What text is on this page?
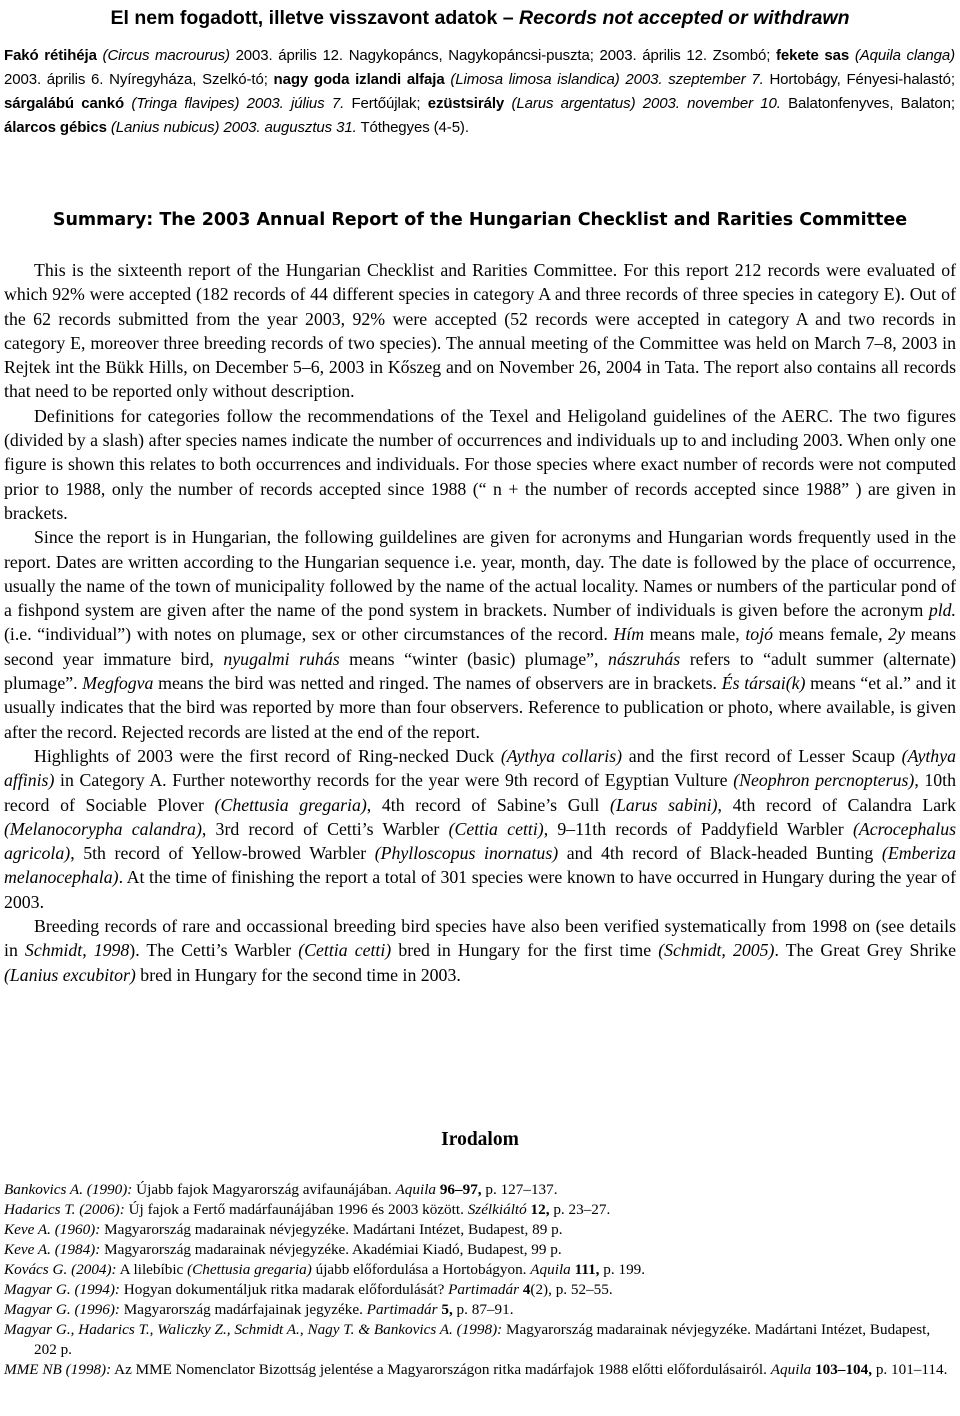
El nem fogadott, illetve visszavont adatok – Records not accepted or withdrawn
Fakó rétihéja (Circus macrourus) 2003. április 12. Nagykopáncs, Nagykopáncsi-puszta; 2003. április 12. Zsombó; fekete sas (Aquila clanga) 2003. április 6. Nyíregyháza, Szelkó-tó; nagy goda izlandi alfaja (Limosa limosa islandica) 2003. szeptember 7. Hortobágy, Fényesi-halastó; sárgalábú cankó (Tringa flavipes) 2003. július 7. Fertőújlak; ezüstsirály (Larus argentatus) 2003. november 10. Balatonfenyves, Balaton; álarcos gébics (Lanius nubicus) 2003. augusztus 31. Tóthegyes (4-5).
Summary: The 2003 Annual Report of the Hungarian Checklist and Rarities Committee

This is the sixteenth report of the Hungarian Checklist and Rarities Committee. For this report 212 records were evaluated of which 92% were accepted (182 records of 44 different species in category A and three records of three species in category E). Out of the 62 records submitted from the year 2003, 92% were accepted (52 records were accepted in category A and two records in category E, moreover three breeding records of two species). The annual meeting of the Committee was held on March 7–8, 2003 in Rejtek int the Bükk Hills, on December 5–6, 2003 in Kőszeg and on November 26, 2004 in Tata. The report also contains all records that need to be reported only without description.

Definitions for categories follow the recommendations of the Texel and Heligoland guidelines of the AERC. The two figures (divided by a slash) after species names indicate the number of occurrences and individuals up to and including 2003. When only one figure is shown this relates to both occurrences and individuals. For those species where exact number of records were not computed prior to 1988, only the number of records accepted since 1988 (“ n + the number of records accepted since 1988” ) are given in brackets.

Since the report is in Hungarian, the following guildelines are given for acronyms and Hungarian words frequently used in the report. Dates are written according to the Hungarian sequence i.e. year, month, day. The date is followed by the place of occurrence, usually the name of the town of municipality followed by the name of the actual locality. Names or numbers of the particular pond of a fishpond system are given after the name of the pond system in brackets. Number of individuals is given before the acronym pld. (i.e. “individual”) with notes on plumage, sex or other circumstances of the record. Hím means male, tojó means female, 2y means second year immature bird, nyugalmi ruhás means “winter (basic) plumage”, nászruhás refers to “adult summer (alternate) plumage”. Megfogva means the bird was netted and ringed. The names of observers are in brackets. És társai(k) means “et al.” and it usually indicates that the bird was reported by more than four observers. Reference to publication or photo, where available, is given after the record. Rejected records are listed at the end of the report.

Highlights of 2003 were the first record of Ring-necked Duck (Aythya collaris) and the first record of Lesser Scaup (Aythya affinis) in Category A. Further noteworthy records for the year were 9th record of Egyptian Vulture (Neophron percnopterus), 10th record of Sociable Plover (Chettusia gregaria), 4th record of Sabine’s Gull (Larus sabini), 4th record of Calandra Lark (Melanocorypha calandra), 3rd record of Cetti’s Warbler (Cettia cetti), 9–11th records of Paddyfield Warbler (Acrocephalus agricola), 5th record of Yellow-browed Warbler (Phylloscopus inornatus) and 4th record of Black-headed Bunting (Emberiza melanocephala). At the time of finishing the report a total of 301 species were known to have occurred in Hungary during the year of 2003.

Breeding records of rare and occassional breeding bird species have also been verified systematically from 1998 on (see details in Schmidt, 1998). The Cetti’s Warbler (Cettia cetti) bred in Hungary for the first time (Schmidt, 2005). The Great Grey Shrike (Lanius excubitor) bred in Hungary for the second time in 2003.

Irodalom

Bankovics A. (1990): Újabb fajok Magyarország avifaunájában. Aquila 96–97, p. 127–137.

Hadarics T. (2006): Új fajok a Fertő madárfaunájában 1996 és 2003 között. Szélkiáltó 12, p. 23–27.

Keve A. (1960): Magyarország madarainak névjegyzéke. Madártani Intézet, Budapest, 89 p.

Keve A. (1984): Magyarország madarainak névjegyzéke. Akadémiai Kiadó, Budapest, 99 p.

Kovács G. (2004): A lilebíbic (Chettusia gregaria) újabb előfordulása a Hortobágyon. Aquila 111, p. 199.

Magyar G. (1994): Hogyan dokumentáljuk ritka madarak előfordulását? Partimadár 4(2), p. 52–55.

Magyar G. (1996): Magyarország madárfajainak jegyzéke. Partimadár 5, p. 87–91.

Magyar G., Hadarics T., Waliczky Z., Schmidt A., Nagy T. & Bankovics A. (1998): Magyarország madarainak névjegyzéke. Madártani Intézet, Budapest, 202 p.

MME NB (1998): Az MME Nomenclator Bizottság jelentése a Magyarországon ritka madárfajok 1988 előtti előfordulásairól. Aquila 103–104, p. 101–114.
